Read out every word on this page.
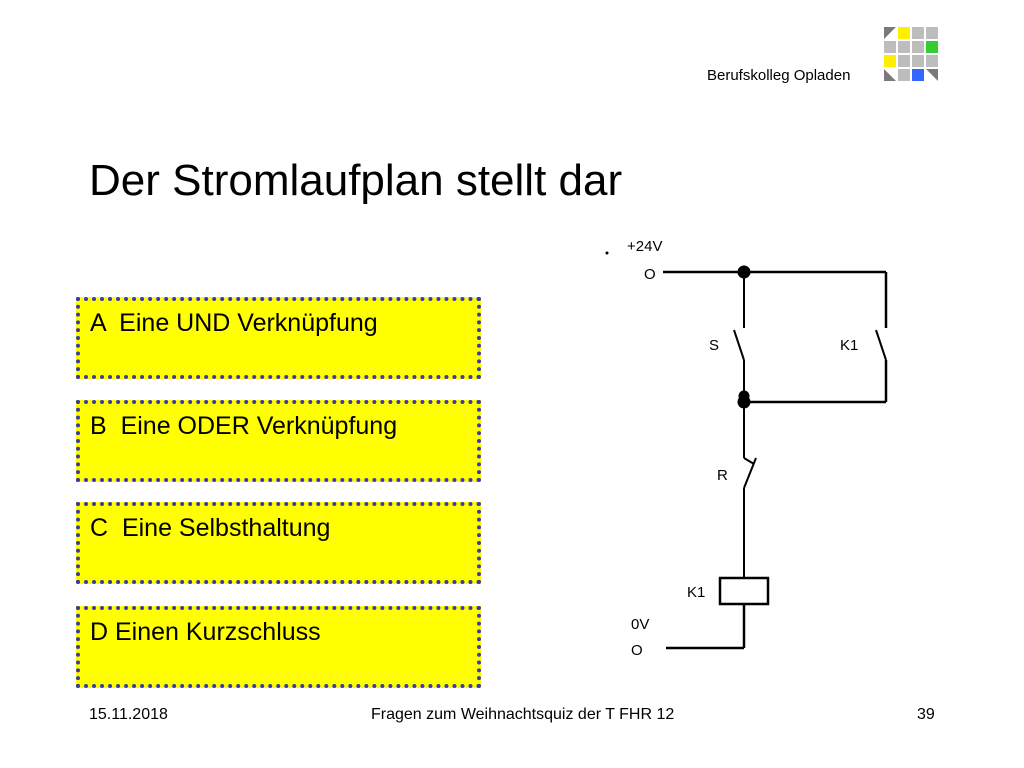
Berufskolleg Opladen
Der Stromlaufplan stellt dar
A  Eine UND Verknüpfung
B  Eine ODER Verknüpfung
C  Eine Selbsthaltung
D Einen Kurzschluss
+24V
O
S	K1
R
K1
0V
O
15.11.2018	Fragen zum Weihnachtsquiz der T FHR 12	39
